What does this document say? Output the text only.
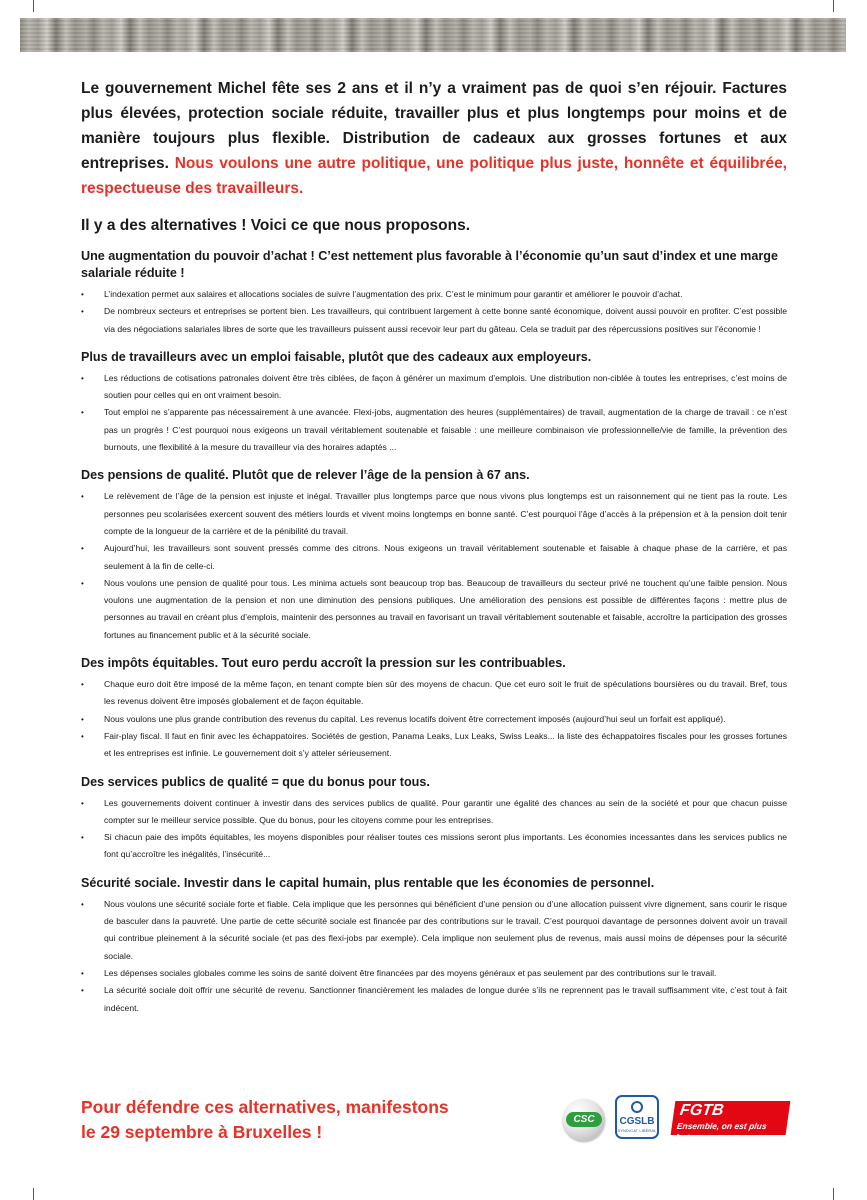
Le gouvernement Michel fête ses 2 ans et il n’y a vraiment pas de quoi s’en réjouir. Factures plus élevées, protection sociale réduite, travailler plus et plus longtemps pour moins et de manière toujours plus flexible. Distribution de cadeaux aux grosses fortunes et aux entreprises. Nous voulons une autre politique, une politique plus juste, honnête et équilibrée, respectueuse des travailleurs.

Il y a des alternatives ! Voici ce que nous proposons.

Une augmentation du pouvoir d’achat ! C’est nettement plus favorable à l’économie qu’un saut d’index et une marge salariale réduite !
• L’indexation permet aux salaires et allocations sociales de suivre l’augmentation des prix. C’est le minimum pour garantir et améliorer le pouvoir d’achat.
• De nombreux secteurs et entreprises se portent bien. Les travailleurs, qui contribuent largement à cette bonne santé économique, doivent aussi pouvoir en profiter. C’est possible via des négociations salariales libres de sorte que les travailleurs puissent aussi recevoir leur part du gâteau. Cela se traduit par des répercussions positives sur l’économie !
Plus de travailleurs avec un emploi faisable, plutôt que des cadeaux aux employeurs.
• Les réductions de cotisations patronales doivent être très ciblées, de façon à générer un maximum d’emplois. Une distribution non-ciblée à toutes les entreprises, c’est moins de soutien pour celles qui en ont vraiment besoin.
• Tout emploi ne s’apparente pas nécessairement à une avancée. Flexi-jobs, augmentation des heures (supplémentaires) de travail, augmentation de la charge de travail : ce n’est pas un progrès ! C’est pourquoi nous exigeons un travail véritablement soutenable et faisable : une meilleure combinaison vie professionnelle/vie de famille, la prévention des burnouts, une flexibilité à la mesure du travailleur via des horaires adaptés ...
Des pensions de qualité. Plutôt que de relever l’âge de la pension à 67 ans.
• Le relèvement de l’âge de la pension est injuste et inégal. Travailler plus longtemps parce que nous vivons plus longtemps est un raisonnement qui ne tient pas la route. Les personnes peu scolarisées exercent souvent des métiers lourds et vivent moins longtemps en bonne santé. C’est pourquoi l’âge d’accès à la prépension et à la pension doit tenir compte de la longueur de la carrière et de la pénibilité du travail.
• Aujourd’hui, les travailleurs sont souvent pressés comme des citrons. Nous exigeons un travail véritablement soutenable et faisable à chaque phase de la carrière, et pas seulement à la fin de celle-ci.
• Nous voulons une pension de qualité pour tous. Les minima actuels sont beaucoup trop bas. Beaucoup de travailleurs du secteur privé ne touchent qu’une faible pension. Nous voulons une augmentation de la pension et non une diminution des pensions publiques. Une amélioration des pensions est possible de différentes façons : mettre plus de personnes au travail en créant plus d’emplois, maintenir des personnes au travail en favorisant un travail véritablement soutenable et faisable, accroître la participation des grosses fortunes au financement public et à la sécurité sociale.
Des impôts équitables. Tout euro perdu accroît la pression sur les contribuables.
• Chaque euro doit être imposé de la même façon, en tenant compte bien sûr des moyens de chacun. Que cet euro soit le fruit de spéculations boursières ou du travail. Bref, tous les revenus doivent être imposés globalement et de façon équitable.
• Nous voulons une plus grande contribution des revenus du capital. Les revenus locatifs doivent être correctement imposés (aujourd’hui seul un forfait est appliqué).
• Fair-play fiscal. Il faut en finir avec les échappatoires. Sociétés de gestion, Panama Leaks, Lux Leaks, Swiss Leaks... la liste des échappatoires fiscales pour les grosses fortunes et les entreprises est infinie. Le gouvernement doit s’y atteler sérieusement.
Des services publics de qualité = que du bonus pour tous.
• Les gouvernements doivent continuer à investir dans des services publics de qualité. Pour garantir une égalité des chances au sein de la société et pour que chacun puisse compter sur le meilleur service possible. Que du bonus, pour les citoyens comme pour les entreprises.
• Si chacun paie des impôts équitables, les moyens disponibles pour réaliser toutes ces missions seront plus importants. Les économies incessantes dans les services publics ne font qu’accroître les inégalités, l’insécurité...
Sécurité sociale. Investir dans le capital humain, plus rentable que les économies de personnel.
• Nous voulons une sécurité sociale forte et fiable. Cela implique que les personnes qui bénéficient d’une pension ou d’une allocation puissent vivre dignement, sans courir le risque de basculer dans la pauvreté. Une partie de cette sécurité sociale est financée par des contributions sur le travail. C’est pourquoi davantage de personnes doivent avoir un travail qui contribue pleinement à la sécurité sociale (et pas des flexi-jobs par exemple). Cela implique non seulement plus de revenus, mais aussi moins de dépenses pour la sécurité sociale.
• Les dépenses sociales globales comme les soins de santé doivent être financées par des moyens généraux et pas seulement par des contributions sur le travail.
• La sécurité sociale doit offrir une sécurité de revenu. Sanctionner financièrement les malades de longue durée s’ils ne reprennent pas le travail suffisamment vite, c’est tout à fait indécent.
Pour défendre ces alternatives, manifestons
le 29 septembre à Bruxelles !
CSC	CGSLB
SYNDICAT LIBÉRAL
FGTB
Ensemble, on est plus forts
